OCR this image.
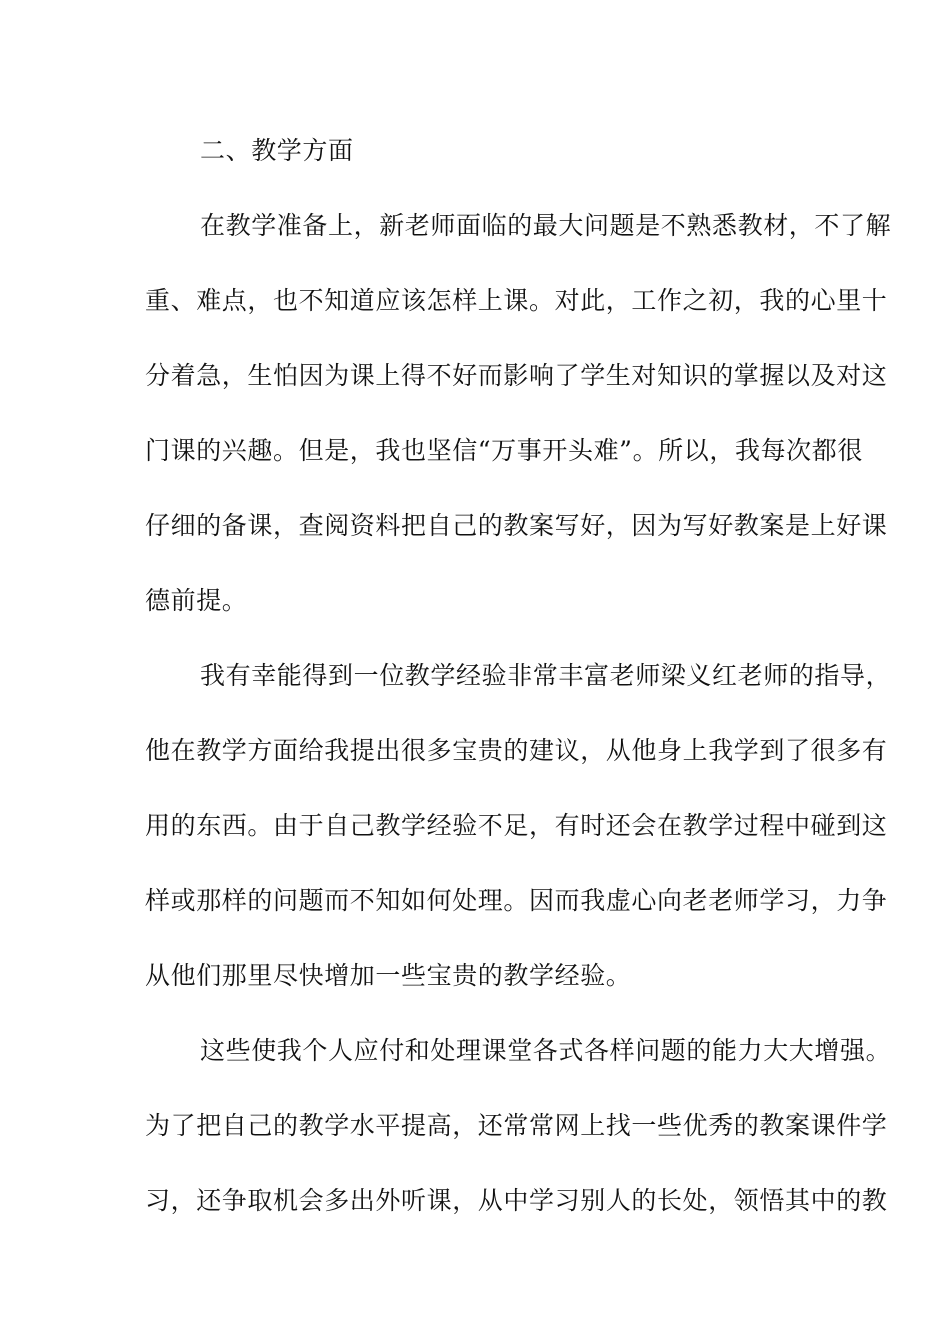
二、教学方面
在教学准备上，新老师面临的最大问题是不熟悉教材，不了解
重、难点，也不知道应该怎样上课。对此，工作之初，我的心里十
分着急，生怕因为课上得不好而影响了学生对知识的掌握以及对这
门课的兴趣。但是，我也坚信“万事开头难”。所以，我每次都很
仔细的备课，查阅资料把自己的教案写好，因为写好教案是上好课
德前提。
我有幸能得到一位教学经验非常丰富老师梁义红老师的指导，
他在教学方面给我提出很多宝贵的建议，从他身上我学到了很多有
用的东西。由于自己教学经验不足，有时还会在教学过程中碰到这
样或那样的问题而不知如何处理。因而我虚心向老老师学习，力争
从他们那里尽快增加一些宝贵的教学经验。
这些使我个人应付和处理课堂各式各样问题的能力大大增强。
为了把自己的教学水平提高，还常常网上找一些优秀的教案课件学
习，还争取机会多出外听课，从中学习别人的长处，领悟其中的教
